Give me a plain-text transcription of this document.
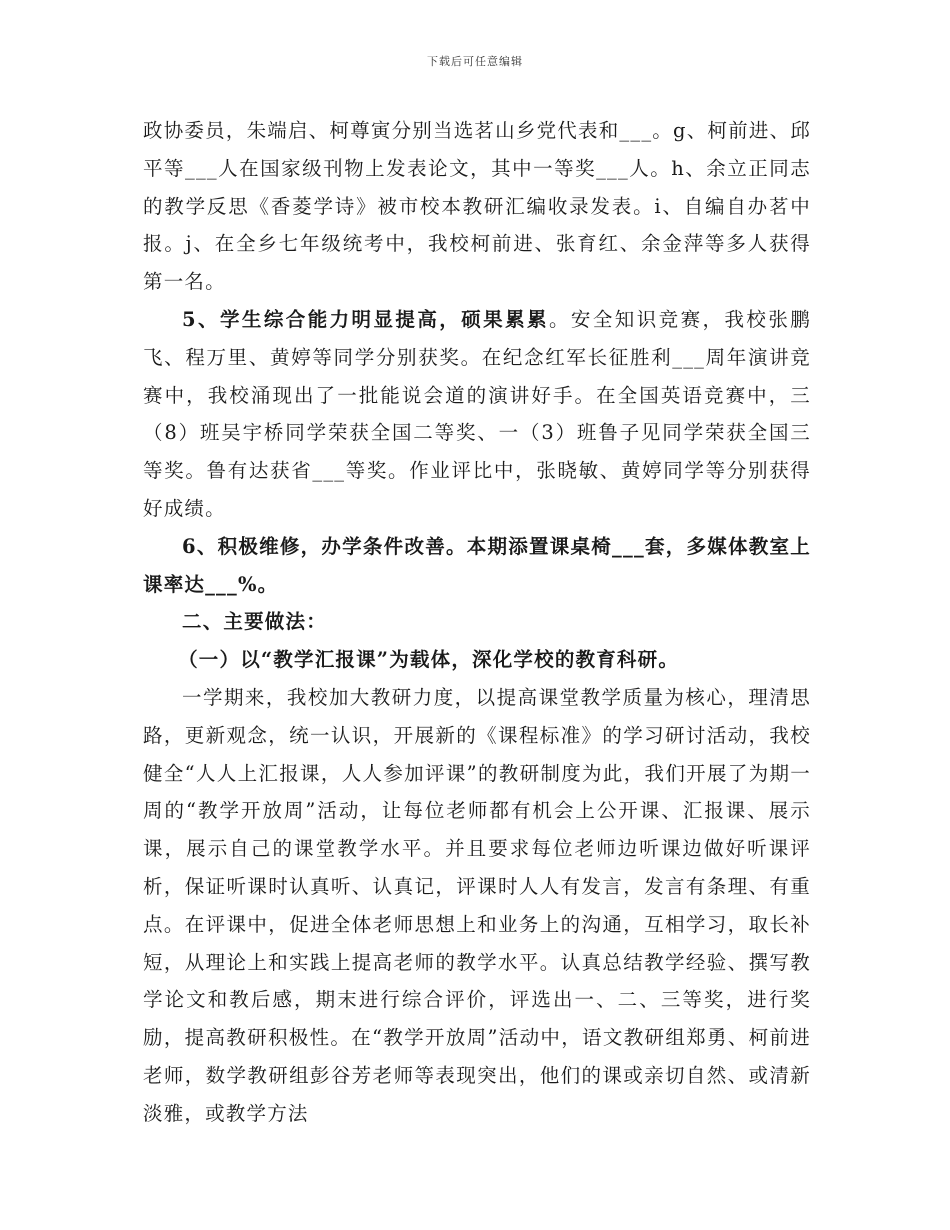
下载后可任意编辑

政协委员，朱端启、柯尊寅分别当选茗山乡党代表和___。g、柯前进、邱平等___人在国家级刊物上发表论文，其中一等奖___人。h、余立正同志的教学反思《香菱学诗》被市校本教研汇编收录发表。i、自编自办茗中报。j、在全乡七年级统考中，我校柯前进、张育红、余金萍等多人获得第一名。

5、学生综合能力明显提高，硕果累累。安全知识竞赛，我校张鹏飞、程万里、黄婷等同学分别获奖。在纪念红军长征胜利___周年演讲竞赛中，我校涌现出了一批能说会道的演讲好手。在全国英语竞赛中，三（8）班吴宇桥同学荣获全国二等奖、一（3）班鲁子见同学荣获全国三等奖。鲁有达获省___等奖。作业评比中，张晓敏、黄婷同学等分别获得好成绩。

6、积极维修，办学条件改善。本期添置课桌椅___套，多媒体教室上课率达___%。

二、主要做法：

（一）以“教学汇报课”为载体，深化学校的教育科研。

一学期来，我校加大教研力度，以提高课堂教学质量为核心，理清思路，更新观念，统一认识，开展新的《课程标准》的学习研讨活动，我校健全“人人上汇报课，人人参加评课”的教研制度为此，我们开展了为期一周的“教学开放周”活动，让每位老师都有机会上公开课、汇报课、展示课，展示自己的课堂教学水平。并且要求每位老师边听课边做好听课评析，保证听课时认真听、认真记，评课时人人有发言，发言有条理、有重点。在评课中，促进全体老师思想上和业务上的沟通，互相学习，取长补短，从理论上和实践上提高老师的教学水平。认真总结教学经验、撰写教学论文和教后感，期末进行综合评价，评选出一、二、三等奖，进行奖励，提高教研积极性。在“教学开放周”活动中，语文教研组郑勇、柯前进老师，数学教研组彭谷芳老师等表现突出，他们的课或亲切自然、或清新淡雅，或教学方法
